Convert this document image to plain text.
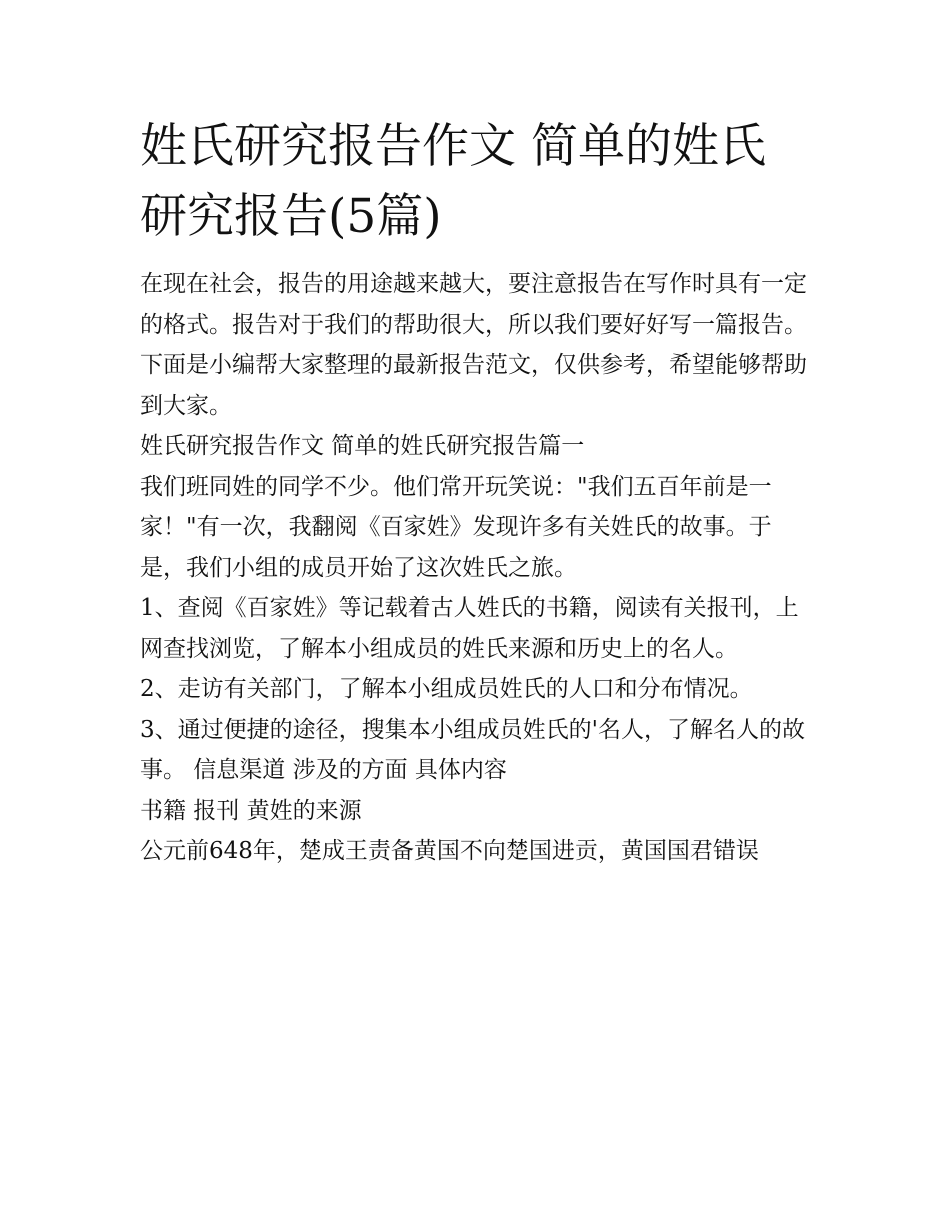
姓氏研究报告作文 简单的姓氏研究报告(5篇)

在现在社会，报告的用途越来越大，要注意报告在写作时具有一定的格式。报告对于我们的帮助很大，所以我们要好好写一篇报告。下面是小编帮大家整理的最新报告范文，仅供参考，希望能够帮助到大家。

姓氏研究报告作文 简单的姓氏研究报告篇一

我们班同姓的同学不少。他们常开玩笑说："我们五百年前是一家！"有一次，我翻阅《百家姓》发现许多有关姓氏的故事。于是，我们小组的成员开始了这次姓氏之旅。

1、查阅《百家姓》等记载着古人姓氏的书籍，阅读有关报刊，上网查找浏览，了解本小组成员的姓氏来源和历史上的名人。

2、走访有关部门，了解本小组成员姓氏的人口和分布情况。

3、通过便捷的途径，搜集本小组成员姓氏的'名人，了解名人的故事。 信息渠道 涉及的方面 具体内容

书籍 报刊 黄姓的来源

公元前648年，楚成王责备黄国不向楚国进贡，黄国国君错误
